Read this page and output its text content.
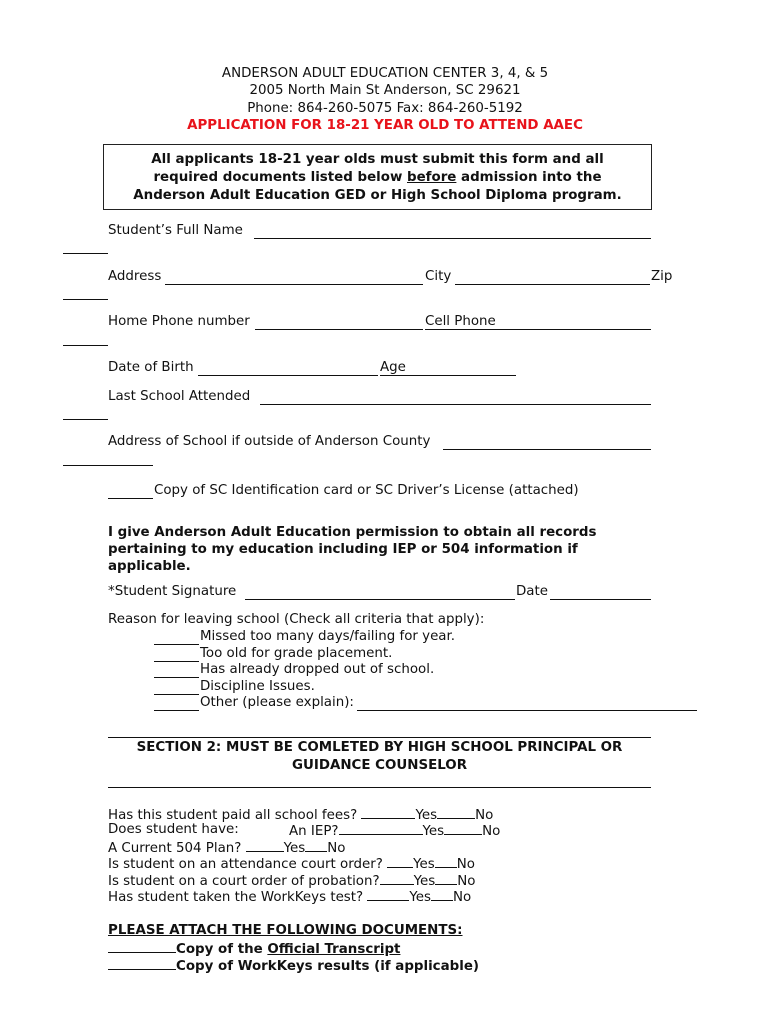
ANDERSON ADULT EDUCATION CENTER 3, 4, & 5
2005 North Main St Anderson, SC 29621
Phone: 864-260-5075 Fax: 864-260-5192
APPLICATION FOR 18-21 YEAR OLD TO ATTEND AAEC
All applicants 18-21 year olds must submit this form and all
required documents listed below before admission into the
Anderson Adult Education GED or High School Diploma program.
Student’s Full Name
Address	City	Zip
Home Phone number	Cell Phone
Date of Birth	Age
Last School Attended
Address of School if outside of Anderson County
Copy of SC Identification card or SC Driver’s License (attached)
I give Anderson Adult Education permission to obtain all records pertaining to my education including IEP or 504 information if applicable.
*Student Signature	Date
Reason for leaving school (Check all criteria that apply):
Missed too many days/failing for year.
Too old for grade placement.
Has already dropped out of school.
Discipline Issues.
Other (please explain):
SECTION 2: MUST BE COMLETED BY HIGH SCHOOL PRINCIPAL OR
GUIDANCE COUNSELOR
Has this student paid all school fees?	Yes	No
Does student have:	An IEP?	Yes	No
A Current 504 Plan?	Yes No
Is student on an attendance court order? Yes No
Is student on a court order of probation?	Yes No
Has student taken the WorkKeys test?	Yes No
PLEASE ATTACH THE FOLLOWING DOCUMENTS:
Copy of the Official Transcript
Copy of WorkKeys results (if applicable)
